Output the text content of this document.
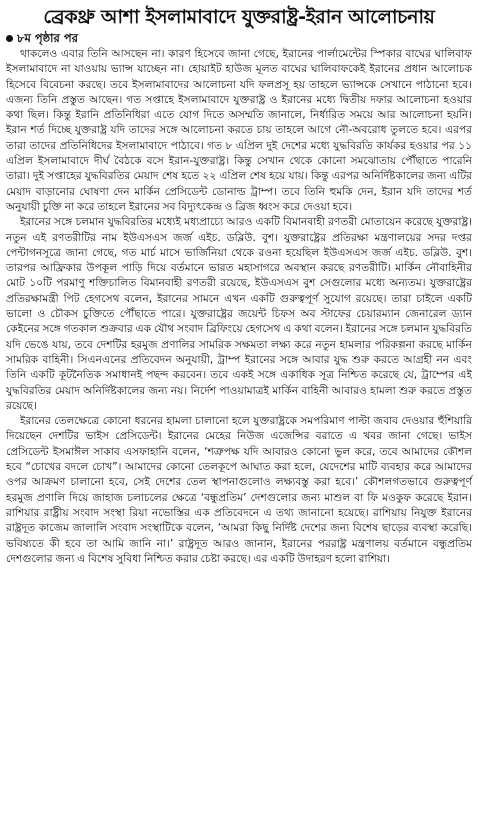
ব্রেকথ্রু আশা ইসলামাবাদে যুক্তরাষ্ট্র-ইরান আলোচনায়
৮ম পৃষ্ঠার পর

থাকলেও এবার তিনি আসছেন না। কারণ হিসেবে জানা গেছে, ইরানের পার্লামেন্টের স্পিকার বাঘের ঘালিবাফ ইসলামাবাদে না যাওয়ায় ভ্যান্স যাচ্ছেন না। হোয়াইট হাউজ মূলত বাঘের ঘালিবাফকেই ইরানের প্রধান আলোচক হিসেবে বিবেচনা করছে। তবে ইসলামাবাদের আলোচনা যদি ফলপ্রসূ হয় তাহলে ভ্যান্সকে সেখানে পাঠানো হবে। এজন্য তিনি প্রস্তুত আছেন। গত সপ্তাহে ইসলামাবাদে যুক্তরাষ্ট্র ও ইরানের মধ্যে দ্বিতীয় দফার আলোচনা হওয়ার কথা ছিল। কিন্তু ইরানি প্রতিনিধিরা এতে যোগ দিতে অসম্মতি জানালে, নির্ধারিত সময়ে আর আলোচনা হয়নি। ইরান শর্ত দিচ্ছে যুক্তরাষ্ট্র যদি তাদের সঙ্গে আলোচনা করতে চায় তাহলে আগে নৌ-অবরোধ তুলতে হবে। এরপর তারা তাদের প্রতিনিধিদের ইসলামাবাদে পাঠাবে। গত ৮ এপ্রিল দুই দেশের মধ্যে যুদ্ধবিরতি কার্যকর হওয়ার পর ১১ এপ্রিল ইসলামাবাদে দীর্ঘ বৈঠকে বসে ইরান-যুক্তরাষ্ট্র। কিন্তু সেখান থেকে কোনো সমঝোতায় পৌঁছাতে পারেনি তারা। দুই সপ্তাহের যুদ্ধবিরতির মেয়াদ শেষ হতে ২২ এপ্রিল শেষ হয়ে যায়। কিন্তু এরপর অনির্দিষ্টকালের জন্য এটির মেয়াদ বাড়ানোর ঘোষণা দেন মার্কিন প্রেসিডেন্ট ডোনাল্ড ট্রাম্প। তবে তিনি হুমকি দেন, ইরান যদি তাদের শর্ত অনুযায়ী চুক্তি না করে তাহলে ইরানের সব বিদ্যুৎকেন্দ্র ও ব্রিজ ধ্বংস করে দেওয়া হবে।

ইরানের সঙ্গে চলমান যুদ্ধবিরতির মধ্যেই মধ্যপ্রাচ্যে আরও একটি বিমানবাহী রণতরী মোতায়েন করেছে যুক্তরাষ্ট্র। নতুন এই রণতরীটির নাম ইউএসএস জর্জ এইচ. ডব্লিউ. বুশ। যুক্তরাষ্ট্রের প্রতিরক্ষা মন্ত্রণালয়ের সদর দপ্তর পেন্টাগনসূত্রে জানা গেছে, গত মার্চ মাসে ভার্জিনিয়া থেকে রওনা হয়েছিল ইউএসএস জর্জ এইচ. ডব্লিউ. বুশ। তারপর আফ্রিকার উপকূল পাড়ি দিয়ে বর্তমানে ভারত মহাসাগরে অবস্থান করছে রণতরীটি। মার্কিন নৌবাহিনীর মোট ১০টি পরমাণু শক্তিচালিত বিমানবাহী রণতরী রয়েছে, ইউএসএস বুশ সেগুলোর মধ্যে অন্যতম। যুক্তরাষ্ট্রের প্রতিরক্ষামন্ত্রী পিট হেগসেথ বলেন, ইরানের সামনে এখন একটি গুরুত্বপূর্ণ সুযোগ রয়েছে। তারা চাইলে একটি ভালো ও চৌকস চুক্তিতে পৌঁছাতে পারে। যুক্তরাষ্ট্রের জয়েন্ট চিফস অব স্টাফের চেয়ারম্যান জেনারেল ড্যান কেইনের সঙ্গে গতকাল শুক্রবার এক যৌথ সংবাদ ব্রিফিংয়ে হেগসেথ এ কথা বলেন। ইরানের সঙ্গে চলমান যুদ্ধবিরতি যদি ভেঙে যায়, তবে দেশটির হরমুজ প্রণালির সামরিক সক্ষমতা লক্ষ্য করে নতুন হামলার পরিকল্পনা করছে মার্কিন সামরিক বাহিনী। সিএনএনের প্রতিবেদন অনুযায়ী, ট্রাম্প ইরানের সঙ্গে আবার যুদ্ধ শুরু করতে আগ্রহী নন এবং তিনি একটি কূটনৈতিক সমাধানই পছন্দ করবেন। তবে একই সঙ্গে একাধিক সূত্র নিশ্চিত করেছে যে, ট্রাম্পের এই যুদ্ধবিরতির মেয়াদ অনির্দিষ্টকালের জন্য নয়। নির্দেশ পাওয়ামাত্রই মার্কিন বাহিনী আবারও হামলা শুরু করতে প্রস্তুত রয়েছে।

ইরানের তেলক্ষেত্রে কোনো ধরনের হামলা চালানো হলে যুক্তরাষ্ট্রকে সমপরিমাণ পাল্টা জবাব দেওয়ার হুঁশিয়ারি দিয়েছেন দেশটির ভাইস প্রেসিডেন্ট। ইরানের মেহের নিউজ এজেন্সির বরাতে এ খবর জানা গেছে। ভাইস প্রেসিডেন্ট ইসমাঈল সাকাব এসফাহানি বলেন, ‘শত্রুপক্ষ যদি আবারও কোনো ভুল করে, তবে আমাদের কৌশল হবে “চোখের বদলে চোখ”। আমাদের কোনো তেলকূপে আঘাত করা হলে, যেদেশের মাটি ব্যবহার করে আমাদের ওপর আক্রমণ চালানো হবে, সেই দেশের তেল স্থাপনাগুলোও লক্ষ্যবস্তু করা হবে।’ কৌশলগতভাবে গুরুত্বপূর্ণ হরমুজ প্রণালি দিয়ে জাহাজ চলাচলের ক্ষেত্রে ‘বন্ধুপ্রতিম’ দেশগুলোর জন্য মাশুল বা ফি মওকুফ করেছে ইরান। রাশিয়ার রাষ্ট্রীয় সংবাদ সংস্থা রিয়া নভোস্তির এক প্রতিবেদনে এ তথ্য জানানো হয়েছে। রাশিয়ায় নিযুক্ত ইরানের রাষ্ট্রদূত কাজেম জালালি সংবাদ সংস্থাটিকে বলেন, ‘আমরা কিছু নির্দিষ্ট দেশের জন্য বিশেষ ছাড়ের ব্যবস্থা করেছি। ভবিষ্যতে কী হবে তা আমি জানি না।’ রাষ্ট্রদূত আরও জানান, ইরানের পররাষ্ট্র মন্ত্রণালয় বর্তমানে বন্ধুপ্রতিম দেশগুলোর জন্য এ বিশেষ সুবিধা নিশ্চিত করার চেষ্টা করছে। এর একটি উদাহরণ হলো রাশিয়া।
